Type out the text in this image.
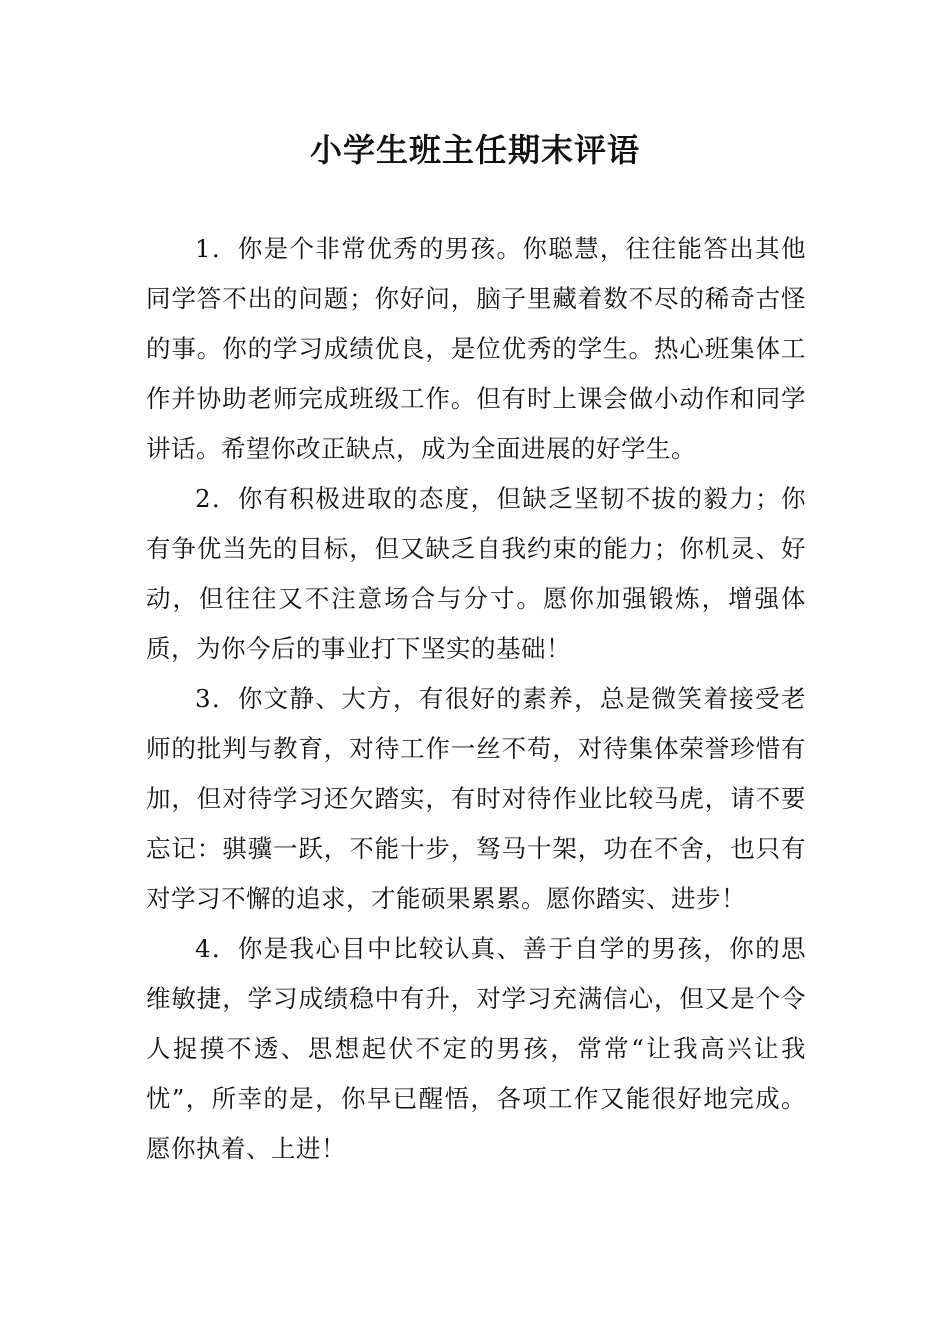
小学生班主任期末评语

1．你是个非常优秀的男孩。你聪慧，往往能答出其他同学答不出的问题；你好问，脑子里藏着数不尽的稀奇古怪的事。你的学习成绩优良，是位优秀的学生。热心班集体工作并协助老师完成班级工作。但有时上课会做小动作和同学讲话。希望你改正缺点，成为全面进展的好学生。

2．你有积极进取的态度，但缺乏坚韧不拔的毅力；你有争优当先的目标，但又缺乏自我约束的能力；你机灵、好动，但往往又不注意场合与分寸。愿你加强锻炼，增强体质，为你今后的事业打下坚实的基础！

3．你文静、大方，有很好的素养，总是微笑着接受老师的批判与教育，对待工作一丝不苟，对待集体荣誉珍惜有加，但对待学习还欠踏实，有时对待作业比较马虎，请不要忘记：骐骥一跃，不能十步，驽马十架，功在不舍，也只有对学习不懈的追求，才能硕果累累。愿你踏实、进步！

4．你是我心目中比较认真、善于自学的男孩，你的思维敏捷，学习成绩稳中有升，对学习充满信心，但又是个令人捉摸不透、思想起伏不定的男孩，常常“让我高兴让我忧”，所幸的是，你早已醒悟，各项工作又能很好地完成。愿你执着、上进！
